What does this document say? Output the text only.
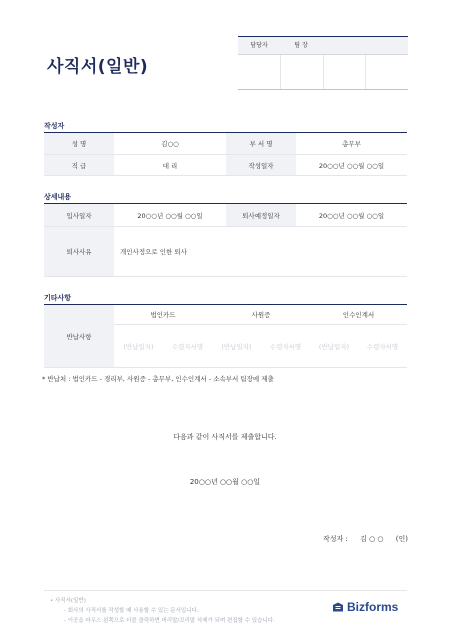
사직서(일반)
담당자	팀 장
작성자
성 명	김○○	부 서 명	총무부
직 급	대 리	작성일자	20○○년 ○○월 ○○일
상세내용
입사일자	20○○년 ○○월 ○○일	퇴사예정일자	20○○년 ○○월 ○○일
퇴사사유	개인사정으로 인한 퇴사		
기타사항
반납사항	법인카드		사원증		인수인계서	
	(반납일자)	수령자서명	(반납일자)	수령자서명	(반납일자)	수령자서명
* 반납처 : 법인카드 - 경리부, 사원증 - 총무부, 인수인계서 - 소속부서 팀장에 제출
다음과 같이 사직서를 제출합니다.
20○○년 ○○월 ○○일
작성자 : 김 ○ ○ (인)
• 사직서(일반)
- 회사의 사직서를 작성할 때 사용할 수 있는 문서입니다.
- 이곳을 마우스 왼쪽으로 더블 클릭하면 머리말/꼬리말 삭제가 되며 편집할 수 있습니다.
Bizforms
